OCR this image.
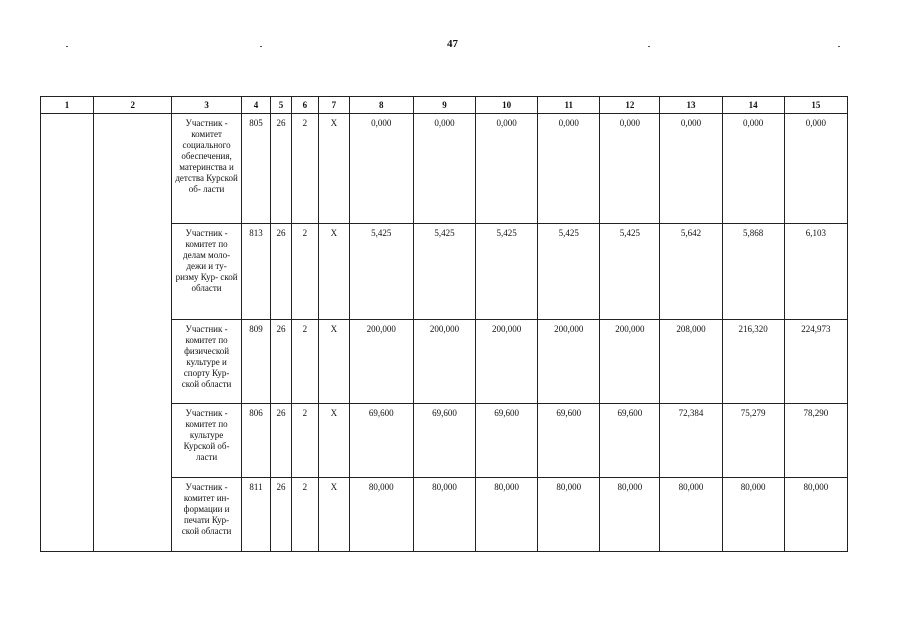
47
1	2	3	4	5	6	7	8	9	10	11	12	13	14	15
		Участник - комитет социального обеспечения, материнства и детства Курской об- ласти	805	26	2	X	0,000	0,000	0,000	0,000	0,000	0,000	0,000	0,000
		Участник - комитет по делам моло- дежи и ту- ризму Кур- ской области	813	26	2	X	5,425	5,425	5,425	5,425	5,425	5,642	5,868	6,103
		Участник - комитет по физической культуре и спорту Кур- ской области	809	26	2	X	200,000	200,000	200,000	200,000	200,000	208,000	216,320	224,973
		Участник - комитет по культуре Курской об- ласти	806	26	2	X	69,600	69,600	69,600	69,600	69,600	72,384	75,279	78,290
		Участник - комитет ин- формации и печати Кур- ской области	811	26	2	X	80,000	80,000	80,000	80,000	80,000	80,000	80,000	80,000
